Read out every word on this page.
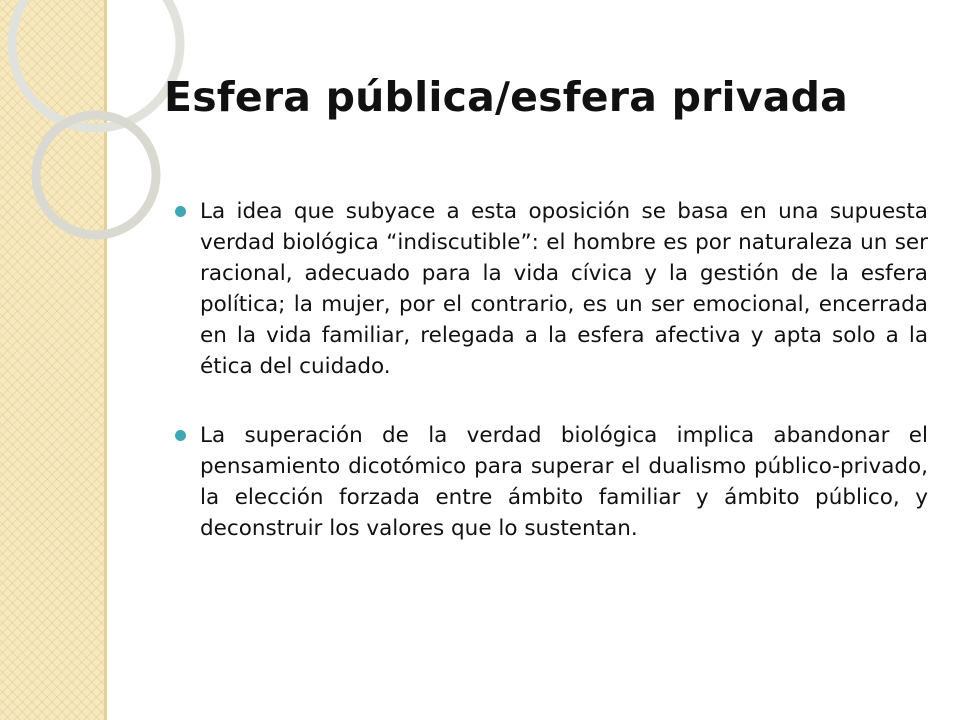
Esfera pública/esfera privada
La idea que subyace a esta oposición se basa en una supuesta verdad biológica “indiscutible”: el hombre es por naturaleza un ser racional, adecuado para la vida cívica y la gestión de la esfera política; la mujer, por el contrario, es un ser emocional, encerrada en la vida familiar, relegada a la esfera afectiva y apta solo a la ética del cuidado.
La superación de la verdad biológica implica abandonar el pensamiento dicotómico para superar el dualismo público-privado, la elección forzada entre ámbito familiar y ámbito público, y deconstruir los valores que lo sustentan.
